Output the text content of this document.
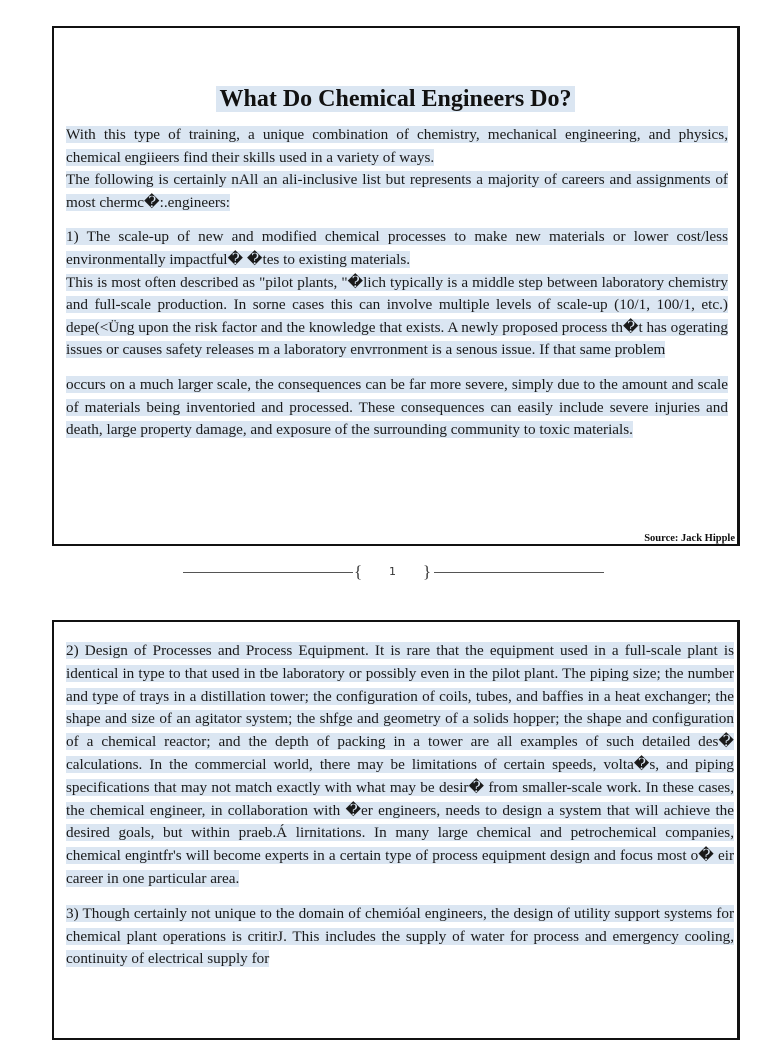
What Do Chemical Engineers Do?

With this type of training, a unique combination of chemistry, mechanical engineering, and physics, chemical engiieers find their skills used in a variety of ways.

The following is certainly nAll an ali-inclusive list but represents a majority of careers and assignments of most chermc�:.engineers:

1) The scale-up of new and modified chemical processes to make new materials or lower cost/less environmentally impactful� �tes to existing materials.

This is most often described as "pilot plants, "�lich typically is a middle step between laboratory chemistry and full-scale production. In sorne cases this can involve multiple levels of scale-up (10/1, 100/1, etc.) depe(<Üng upon the risk factor and the knowledge that exists. A newly proposed process th�t has ogerating issues or causes safety releases m a laboratory envrronment is a senous issue. If that same problem

occurs on a much larger scale, the consequences can be far more severe, simply due to the amount and scale of materials being inventoried and processed. These consequences can easily include severe injuries and death, large property damage, and exposure of the surrounding community to toxic materials.

Source: Jack Hipple
{ 1 }

2) Design of Processes and Process Equipment. It is rare that the equipment used in a full-scale plant is identical in type to that used in tbe laboratory or possibly even in the pilot plant. The piping size; the number and type of trays in a distillation tower; the configuration of coils, tubes, and baffies in a heat exchanger; the shape and size of an agitator system; the shfge and geometry of a solids hopper; the shape and configuration of a chemical reactor; and the depth of packing in a tower are all examples of such detailed des� calculations. In the commercial world, there may be limitations of certain speeds, volta�s, and piping specifications that may not match exactly with what may be desir� from smaller-scale work. In these cases, the chemical engineer, in collaboration with �er engineers, needs to design a system that will achieve the desired goals, but within praeb.Á lirnitations. In many large chemical and petrochemical companies, chemical engintfr's will become experts in a certain type of process equipment design and focus most o� eir career in one particular area.

3) Though certainly not unique to the domain of chemióal engineers, the design of utility support systems for chemical plant operations is critirJ. This includes the supply of water for process and emergency cooling, continuity of electrical supply for
